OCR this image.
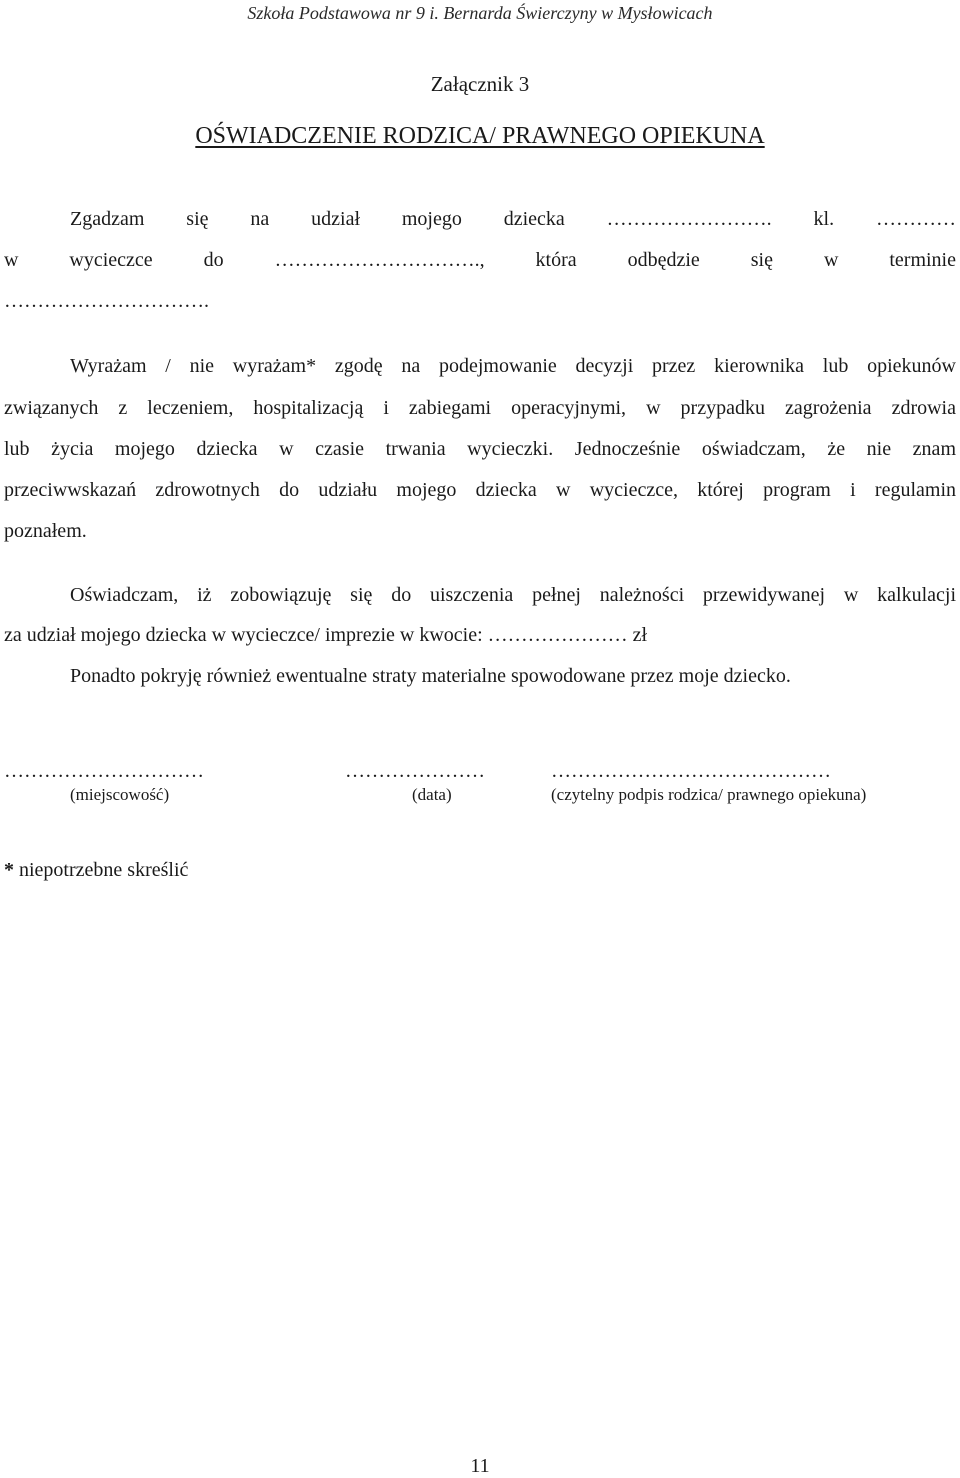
Szkoła Podstawowa nr 9 i. Bernarda Świerczyny w Mysłowicach
Załącznik 3
OŚWIADCZENIE RODZICA/ PRAWNEGO OPIEKUNA
Zgadzam się na udział mojego dziecka ……………………. kl. …………
w wycieczce do …………………………., która odbędzie się w terminie
………………………….
Wyrażam / nie wyrażam* zgodę na podejmowanie decyzji przez kierownika lub opiekunów
związanych z leczeniem, hospitalizacją i zabiegami operacyjnymi, w przypadku zagrożenia zdrowia
lub życia mojego dziecka w czasie trwania wycieczki. Jednocześnie oświadczam, że nie znam
przeciwwskazań zdrowotnych do udziału mojego dziecka w wycieczce, której program i regulamin
poznałem.
Oświadczam, iż zobowiązuję się do uiszczenia pełnej należności przewidywanej w kalkulacji
za udział mojego dziecka w wycieczce/ imprezie w kwocie: ………………… zł
Ponadto pokryję również ewentualne straty materialne spowodowane przez moje dziecko.
…………………………
(miejscowość)
…………………
(data)
……………………………………
(czytelny podpis rodzica/ prawnego opiekuna)
* niepotrzebne skreślić
11
